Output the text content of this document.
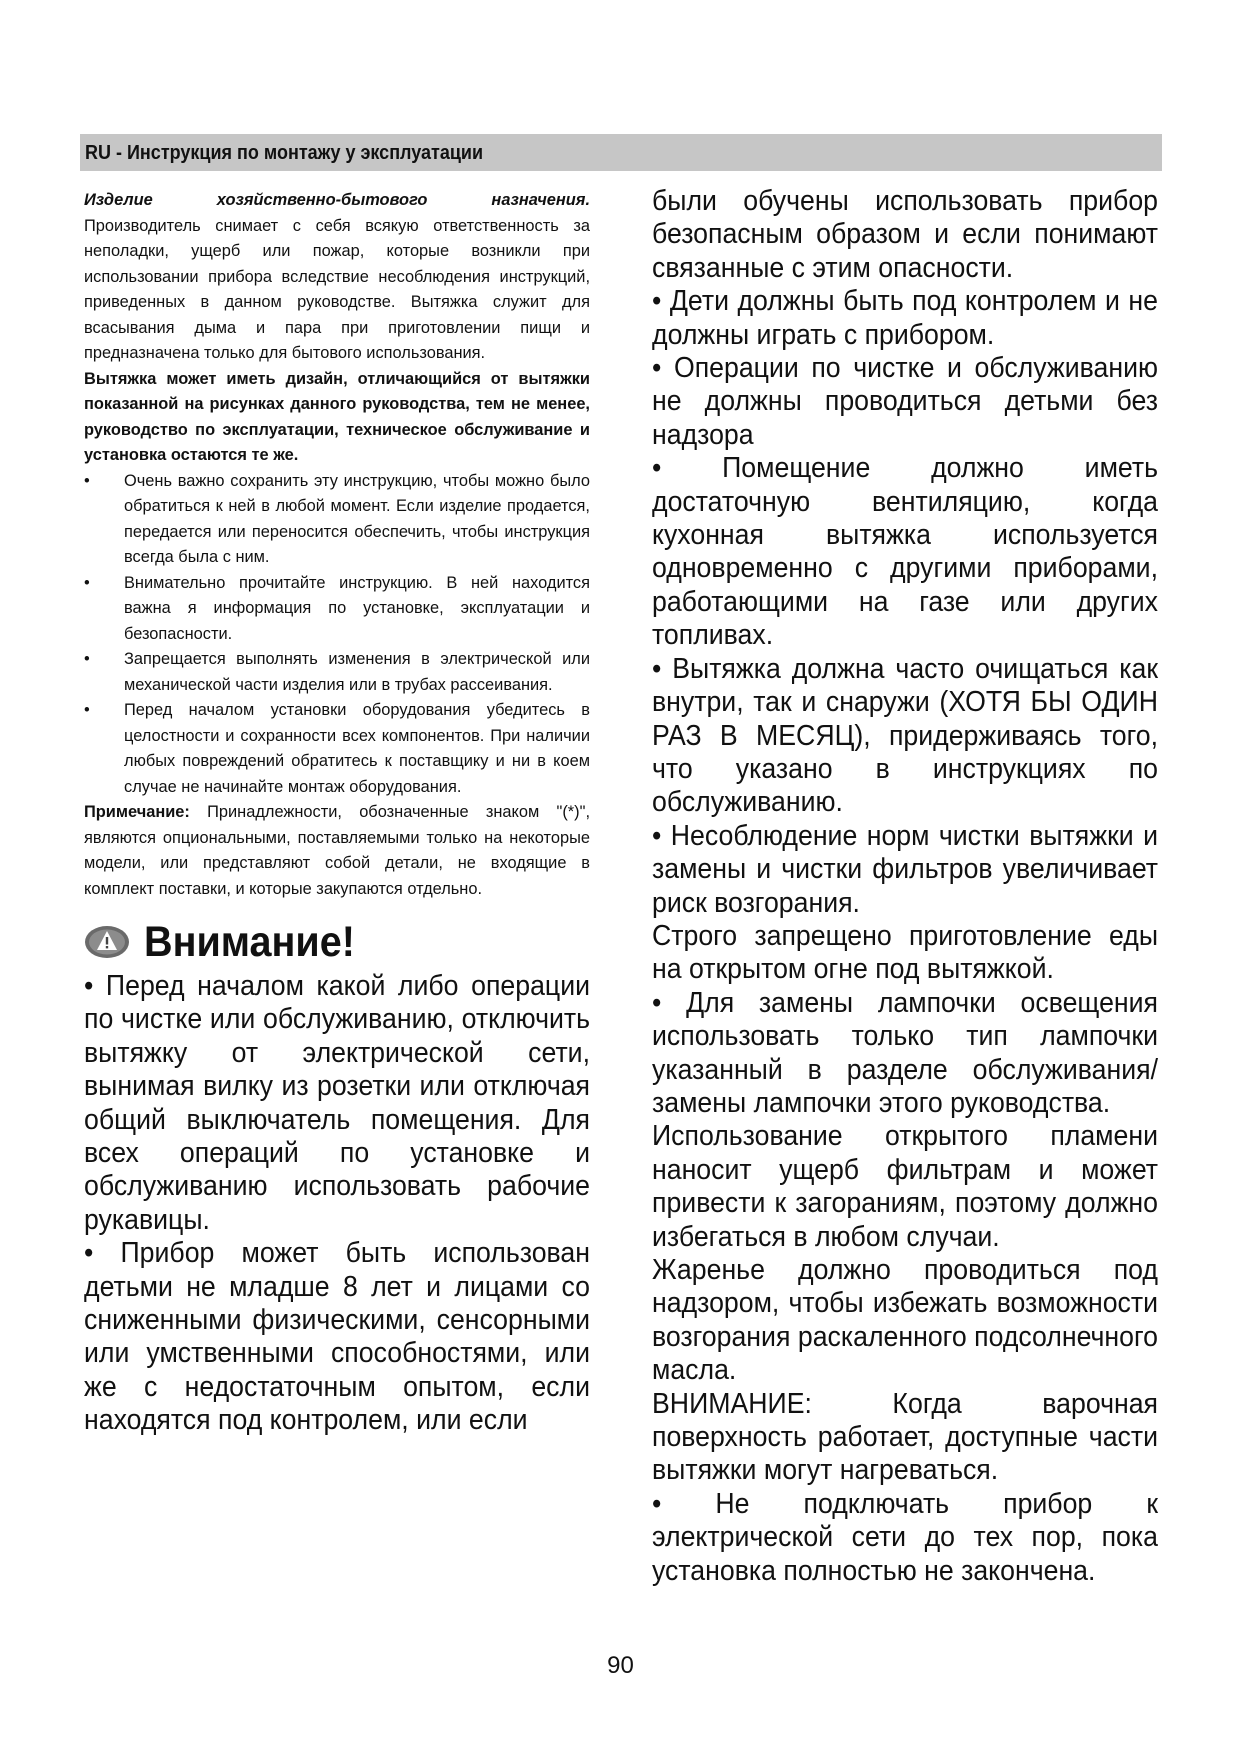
RU - Инструкция по монтажу у эксплуатации

Изделие хозяйственно-бытового назначения. Производитель снимает с себя всякую ответственность за неполадки, ущерб или пожар, которые возникли при использовании прибора вследствие несоблюдения инструкций, приведенных в данном руководстве. Вытяжка служит для всасывания дыма и пара при приготовлении пищи и предназначена только для бытового использования.

Вытяжка может иметь дизайн, отличающийся от вытяжки показанной на рисунках данного руководства, тем не менее, руководство по эксплуатации, техническое обслуживание и установка остаются те же.

• Очень важно сохранить эту инструкцию, чтобы можно было обратиться к ней в любой момент. Если изделие продается, передается или переносится обеспечить, чтобы инструкция всегда была с ним.
• Внимательно прочитайте инструкцию. В ней находится важна я информация по установке, эксплуатации и безопасности.
• Запрещается выполнять изменения в электрической или механической части изделия или в трубах рассеивания.
• Перед началом установки оборудования убедитесь в целостности и сохранности всех компонентов. При наличии любых повреждений обратитесь к поставщику и ни в коем случае не начинайте монтаж оборудования.

Примечание: Принадлежности, обозначенные знаком "(*)", являются опциональными, поставляемыми только на некоторые модели, или представляют собой детали, не входящие в комплект поставки, и которые закупаются отдельно.

Внимание!

• Перед началом какой либо операции по чистке или обслуживанию, отключить вытяжку от электрической сети, вынимая вилку из розетки или отключая общий выключатель помещения. Для всех операций по установке и обслуживанию использовать рабочие рукавицы.

• Прибор может быть использован детьми не младше 8 лет и лицами со сниженными физическими, сенсорными или умственными способностями, или же с недостаточным опытом, если находятся под контролем, или если

были обучены использовать прибор безопасным образом и если понимают связанные с этим опасности.

• Дети должны быть под контролем и не должны играть с прибором.

• Операции по чистке и обслуживанию не должны проводиться детьми без надзора

• Помещение должно иметь достаточную вентиляцию, когда кухонная вытяжка используется одновременно с другими приборами, работающими на газе или других топливах.

• Вытяжка должна часто очищаться как внутри, так и снаружи (ХОТЯ БЫ ОДИН РАЗ В МЕСЯЦ), придерживаясь того, что указано в инструкциях по обслуживанию.

• Несоблюдение норм чистки вытяжки и замены и чистки фильтров увеличивает риск возгорания.

Строго запрещено приготовление еды на открытом огне под вытяжкой.

• Для замены лампочки освещения использовать только тип лампочки указанный в разделе обслуживания/замены лампочки этого руководства.

Использование открытого пламени наносит ущерб фильтрам и может привести к загораниям, поэтому должно избегаться в любом случаи.

Жаренье должно проводиться под надзором, чтобы избежать возможности возгорания раскаленного подсолнечного масла.

ВНИМАНИЕ: Когда варочная поверхность работает, доступные части вытяжки могут нагреваться.

• Не подключать прибор к электрической сети до тех пор, пока установка полностью не закончена.

90
